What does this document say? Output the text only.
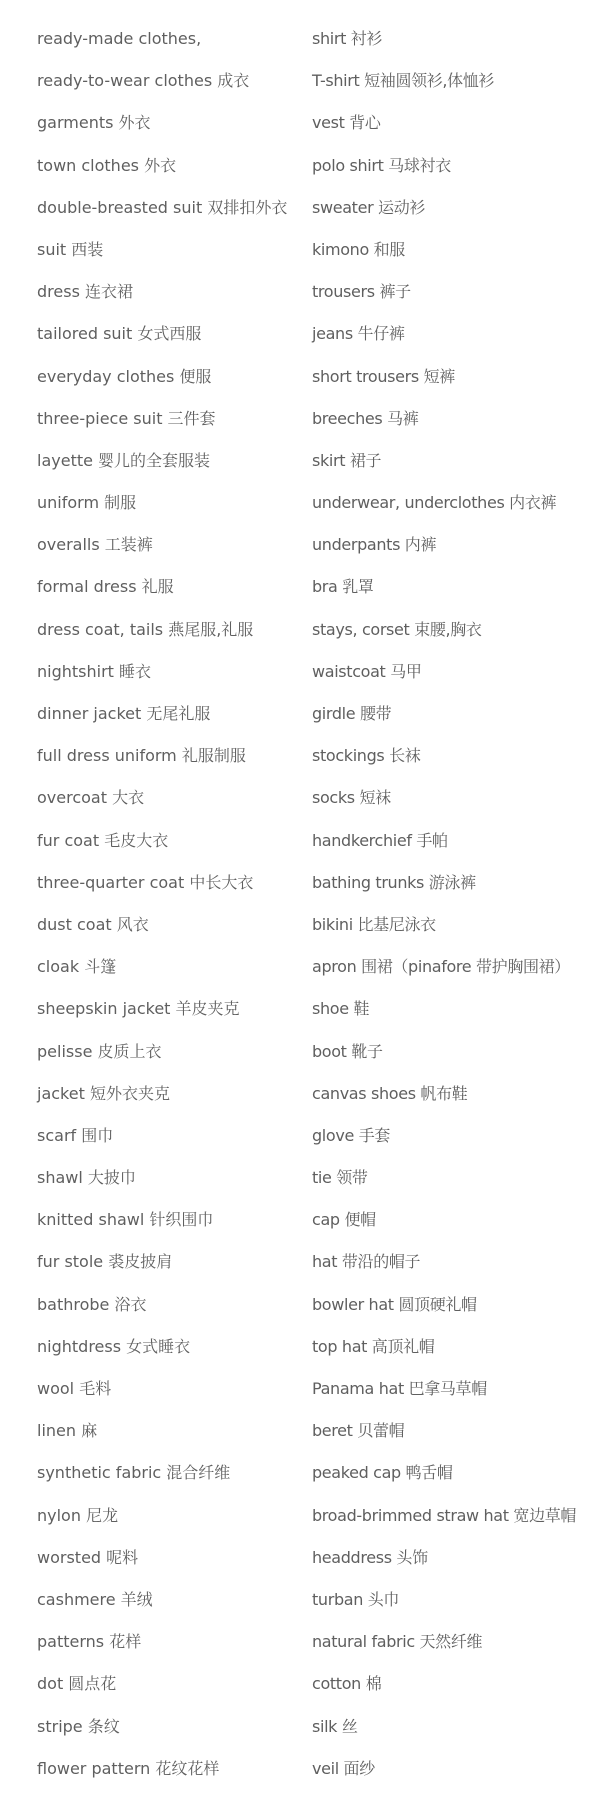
ready-made clothes,
ready-to-wear clothes 成衣
garments 外衣
town clothes 外衣
double-breasted suit 双排扣外衣
suit 西装
dress 连衣裙
tailored suit 女式西服
everyday clothes 便服
three-piece suit 三件套
layette 婴儿的全套服装
uniform 制服
overalls 工装裤
formal dress 礼服
dress coat, tails 燕尾服,礼服
nightshirt 睡衣
dinner jacket 无尾礼服
full dress uniform 礼服制服
overcoat 大衣
fur coat 毛皮大衣
three-quarter coat 中长大衣
dust coat 风衣
cloak 斗篷
sheepskin jacket 羊皮夹克
pelisse 皮质上衣
jacket 短外衣夹克
scarf 围巾
shawl 大披巾
knitted shawl 针织围巾
fur stole 裘皮披肩
bathrobe 浴衣
nightdress 女式睡衣
wool 毛料
linen 麻
synthetic fabric 混合纤维
nylon 尼龙
worsted 呢料
cashmere 羊绒
patterns 花样
dot 圆点花
stripe 条纹
flower pattern 花纹花样
shirt 衬衫
T-shirt 短袖圆领衫,体恤衫
vest 背心
polo shirt 马球衬衣
sweater 运动衫
kimono 和服
trousers 裤子
jeans 牛仔裤
short trousers 短裤
breeches 马裤
skirt 裙子
underwear, underclothes 内衣裤
underpants 内裤
bra 乳罩
stays, corset 束腰,胸衣
waistcoat 马甲
girdle 腰带
stockings 长袜
socks 短袜
handkerchief 手帕
bathing trunks 游泳裤
bikini 比基尼泳衣
apron 围裙（pinafore 带护胸围裙）
shoe 鞋
boot 靴子
canvas shoes 帆布鞋
glove 手套
tie 领带
cap 便帽
hat 带沿的帽子
bowler hat 圆顶硬礼帽
top hat 高顶礼帽
Panama hat 巴拿马草帽
beret 贝蕾帽
peaked cap 鸭舌帽
broad-brimmed straw hat 宽边草帽
headdress 头饰
turban 头巾
natural fabric 天然纤维
cotton 棉
silk 丝
veil 面纱
